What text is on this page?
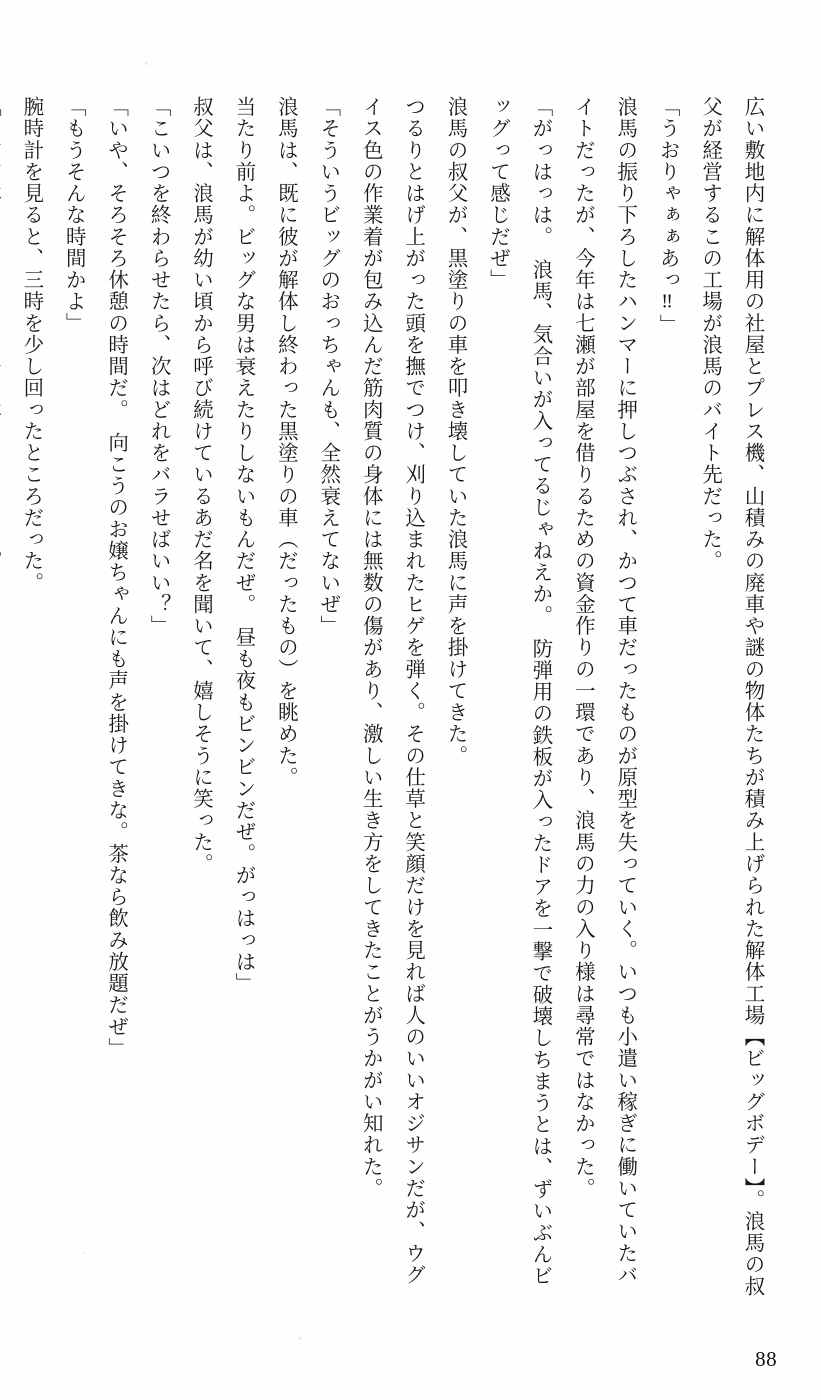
広い敷地内に解体用の社屋とプレス機、山積みの廃車や謎の物体たちが積み上げられた解体工場【ビッグボデー】。浪馬の叔父が経営するこの工場が浪馬のバイト先だった。

「うおりゃぁぁあっ‼」

浪馬の振り下ろしたハンマーに押しつぶされ、かつて車だったものが原型を失っていく。いつも小遣い稼ぎに働いていたバイトだったが、今年は七瀬が部屋を借りるための資金作りの一環であり、浪馬の力の入り様は尋常ではなかった。

「がっはっは。　浪馬、気合いが入ってるじゃねえか。　防弾用の鉄板が入ったドアを一撃で破壊しちまうとは、ずいぶんビッグって感じだぜ」

浪馬の叔父が、黒塗りの車を叩き壊していた浪馬に声を掛けてきた。

つるりとはげ上がった頭を撫でつけ、刈り込まれたヒゲを弾く。その仕草と笑顔だけを見れば人のいいオジサンだが、ウグイス色の作業着が包み込んだ筋肉質の身体には無数の傷があり、激しい生き方をしてきたことがうかがい知れた。

「そういうビッグのおっちゃんも、全然衰えてないぜ」

浪馬は、既に彼が解体し終わった黒塗りの車（だったもの）を眺めた。

当たり前よ。ビッグな男は衰えたりしないもんだぜ。　昼も夜もビンビンだぜ。がっはっは」

叔父は、浪馬が幼い頃から呼び続けているあだ名を聞いて、嬉しそうに笑った。

「こいつを終わらせたら、次はどれをバラせばいい？」

「いや、そろそろ休憩の時間だ。　向こうのお嬢ちゃんにも声を掛けてきな。茶なら飲み放題だぜ」

「もうそんな時間かよ」

腕時計を見ると、三時を少し回ったところだった。

88
